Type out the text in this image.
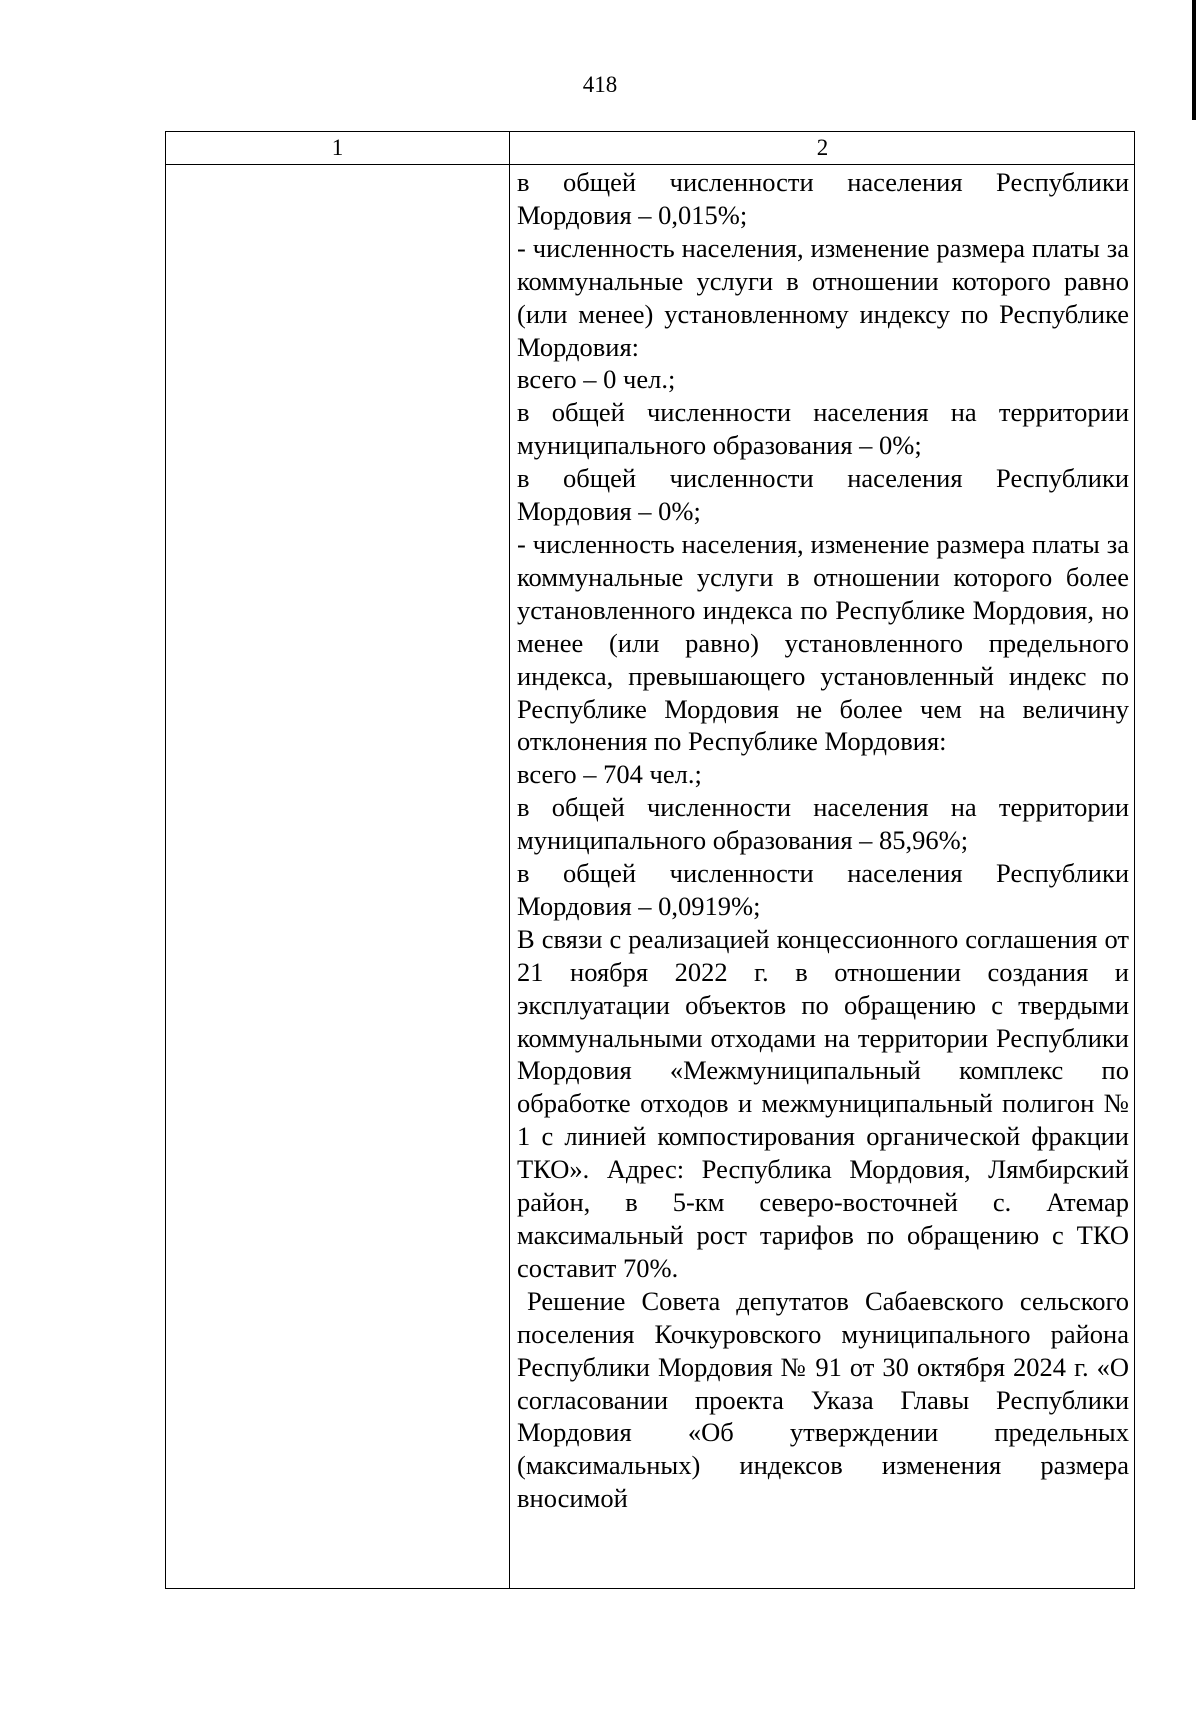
418
1	2

в общей численности населения Республики Мордовия – 0,015%;

- численность населения, изменение размера платы за коммунальные услуги в отношении которого равно (или менее) установленному индексу по Республике Мордовия:

всего – 0 чел.;

в общей численности населения на территории муниципального образования – 0%;

в общей численности населения Республики Мордовия – 0%;

- численность населения, изменение размера платы за коммунальные услуги в отношении которого более установленного индекса по Республике Мордовия, но менее (или равно) установленного предельного индекса, превышающего установленный индекс по Республике Мордовия не более чем на величину отклонения по Республике Мордовия:

всего – 704 чел.;

в общей численности населения на территории муниципального образования – 85,96%;

в общей численности населения Республики Мордовия – 0,0919%;

В связи с реализацией концессионного соглашения от 21 ноября 2022 г. в отношении создания и эксплуатации объектов по обращению с твердыми коммунальными отходами на территории Республики Мордовия «Межмуниципальный комплекс по обработке отходов и межмуниципальный полигон № 1 с линией компостирования органической фракции ТКО». Адрес: Республика Мордовия, Лямбирский район, в 5-км северо-восточней с. Атемар максимальный рост тарифов по обращению с ТКО составит 70%.

Решение Совета депутатов Сабаевского сельского поселения Кочкуровского муниципального района Республики Мордовия № 91 от 30 октября 2024 г. «О согласовании проекта Указа Главы Республики Мордовия «Об утверждении предельных (максимальных) индексов изменения размера вносимой
